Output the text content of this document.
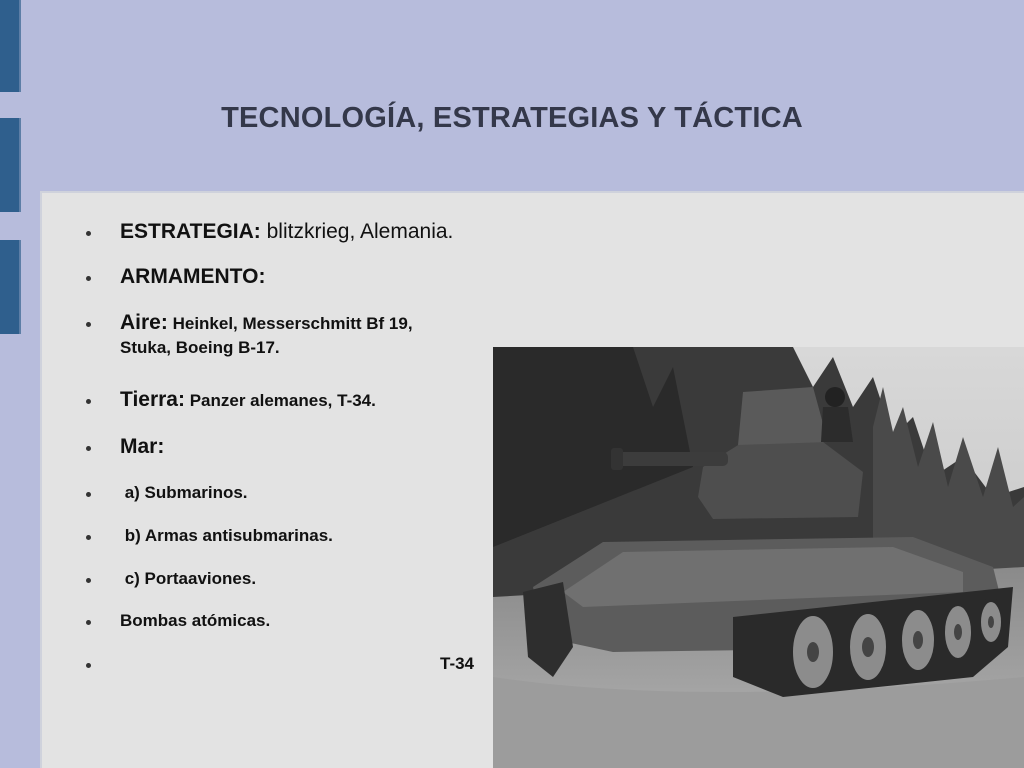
TECNOLOGÍA, ESTRATEGIAS Y TÁCTICA
ESTRATEGIA: blitzkrieg, Alemania.
ARMAMENTO:
Aire: Heinkel, Messerschmitt Bf 19,
Stuka, Boeing B-17.
Tierra: Panzer alemanes, T-34.
Mar:
a) Submarinos.
b) Armas antisubmarinas.
c) Portaaviones.
Bombas atómicas.
T-34
